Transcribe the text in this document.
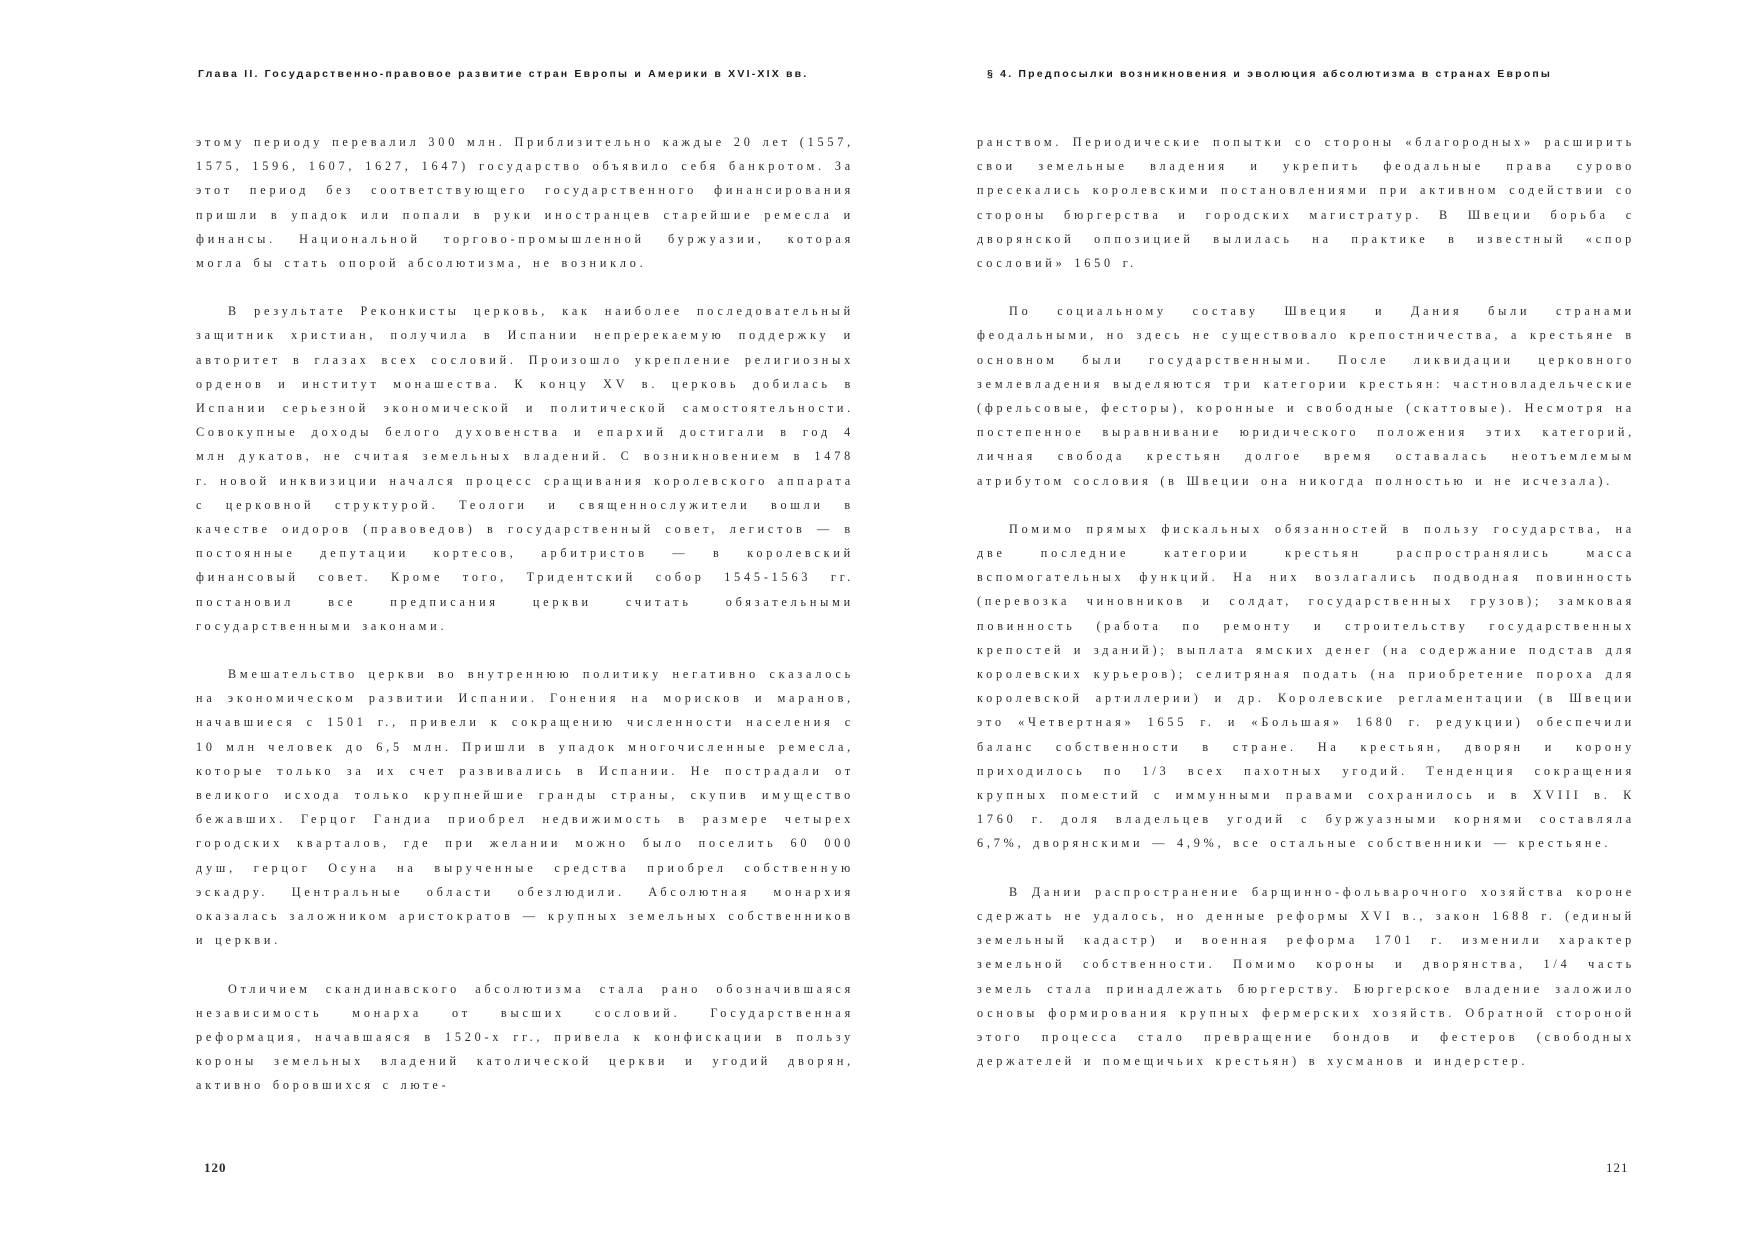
Глава II. Государственно-правовое развитие стран Европы и Америки в XVI-XIX вв.

этому периоду перевалил 300 млн. Приблизительно каждые 20 лет (1557, 1575, 1596, 1607, 1627, 1647) государство объявило себя банкротом. За этот период без соответствующего государственного финансирования пришли в упадок или попали в руки иностранцев старейшие ремесла и финансы. Национальной торгово-промышленной буржуазии, которая могла бы стать опорой абсолютизма, не возникло.

В результате Реконкисты церковь, как наиболее последовательный защитник христиан, получила в Испании непререкаемую поддержку и авторитет в глазах всех сословий. Произошло укрепление религиозных орденов и институт монашества. К концу XV в. церковь добилась в Испании серьезной экономической и политической самостоятельности. Совокупные доходы белого духовенства и епархий достигали в год 4 млн дукатов, не считая земельных владений. С возникновением в 1478 г. новой инквизиции начался процесс сращивания королевского аппарата с церковной структурой. Теологи и священнослужители вошли в качестве оидоров (правоведов) в государственный совет, легистов — в постоянные депутации кортесов, арбитристов — в королевский финансовый совет. Кроме того, Тридентский собор 1545-1563 гг. постановил все предписания церкви считать обязательными государственными законами.

Вмешательство церкви во внутреннюю политику негативно сказалось на экономическом развитии Испании. Гонения на морисков и маранов, начавшиеся с 1501 г., привели к сокращению численности населения с 10 млн человек до 6,5 млн. Пришли в упадок многочисленные ремесла, которые только за их счет развивались в Испании. Не пострадали от великого исхода только крупнейшие гранды страны, скупив имущество бежавших. Герцог Гандиа приобрел недвижимость в размере четырех городских кварталов, где при желании можно было поселить 60 000 душ, герцог Осуна на вырученные средства приобрел собственную эскадру. Центральные области обезлюдили. Абсолютная монархия оказалась заложником аристократов — крупных земельных собственников и церкви.

Отличием скандинавского абсолютизма стала рано обозначившаяся независимость монарха от высших сословий. Государственная реформация, начавшаяся в 1520-х гг., привела к конфискации в пользу короны земельных владений католической церкви и угодий дворян, активно боровшихся с люте-

120
§ 4. Предпосылки возникновения и эволюция абсолютизма в странах Европы

ранством. Периодические попытки со стороны «благородных» расширить свои земельные владения и укрепить феодальные права сурово пресекались королевскими постановлениями при активном содействии со стороны бюргерства и городских магистратур. В Швеции борьба с дворянской оппозицией вылилась на практике в известный «спор сословий» 1650 г.

По социальному составу Швеция и Дания были странами феодальными, но здесь не существовало крепостничества, а крестьяне в основном были государственными. После ликвидации церковного землевладения выделяются три категории крестьян: частновладельческие (фрельсовые, фесторы), коронные и свободные (скаттовые). Несмотря на постепенное выравнивание юридического положения этих категорий, личная свобода крестьян долгое время оставалась неотъемлемым атрибутом сословия (в Швеции она никогда полностью и не исчезала).

Помимо прямых фискальных обязанностей в пользу государства, на две последние категории крестьян распространялись масса вспомогательных функций. На них возлагались подводная повинность (перевозка чиновников и солдат, государственных грузов); замковая повинность (работа по ремонту и строительству государственных крепостей и зданий); выплата ямских денег (на содержание подстав для королевских курьеров); селитряная подать (на приобретение пороха для королевской артиллерии) и др. Королевские регламентации (в Швеции это «Четвертная» 1655 г. и «Большая» 1680 г. редукции) обеспечили баланс собственности в стране. На крестьян, дворян и корону приходилось по 1/3 всех пахотных угодий. Тенденция сокращения крупных поместий с иммунными правами сохранилось и в XVIII в. К 1760 г. доля владельцев угодий с буржуазными корнями составляла 6,7%, дворянскими — 4,9%, все остальные собственники — крестьяне.

В Дании распространение барщинно-фольварочного хозяйства короне сдержать не удалось, но денные реформы XVI в., закон 1688 г. (единый земельный кадастр) и военная реформа 1701 г. изменили характер земельной собственности. Помимо короны и дворянства, 1/4 часть земель стала принадлежать бюргерству. Бюргерское владение заложило основы формирования крупных фермерских хозяйств. Обратной стороной этого процесса стало превращение бондов и фестеров (свободных держателей и помещичьих крестьян) в хусманов и индерстер.

121
